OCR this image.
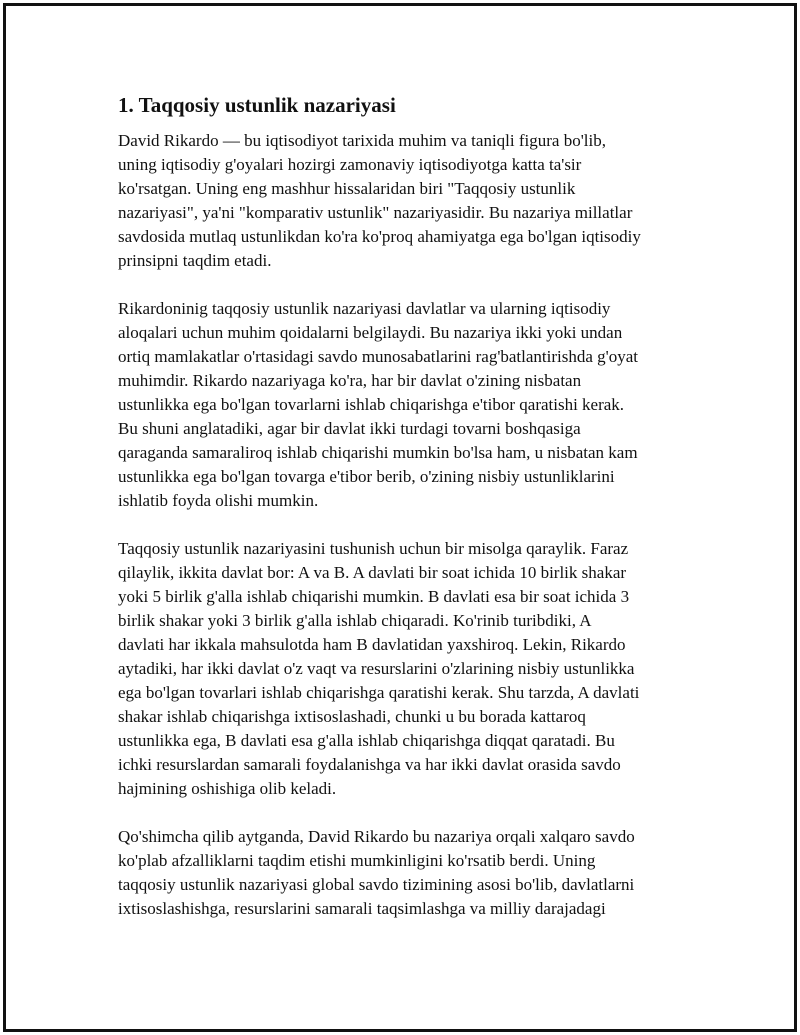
1. Taqqosiy ustunlik nazariyasi

David Rikardo — bu iqtisodiyot tarixida muhim va taniqli figura bo'lib,
uning iqtisodiy g'oyalari hozirgi zamonaviy iqtisodiyotga katta ta'sir
ko'rsatgan. Uning eng mashhur hissalaridan biri "Taqqosiy ustunlik
nazariyasi", ya'ni "komparativ ustunlik" nazariyasidir. Bu nazariya millatlar
savdosida mutlaq ustunlikdan ko'ra ko'proq ahamiyatga ega bo'lgan iqtisodiy
prinsipni taqdim etadi.

Rikardoninig taqqosiy ustunlik nazariyasi davlatlar va ularning iqtisodiy
aloqalari uchun muhim qoidalarni belgilaydi. Bu nazariya ikki yoki undan
ortiq mamlakatlar o'rtasidagi savdo munosabatlarini rag'batlantirishda g'oyat
muhimdir. Rikardo nazariyaga ko'ra, har bir davlat o'zining nisbatan
ustunlikka ega bo'lgan tovarlarni ishlab chiqarishga e'tibor qaratishi kerak.
Bu shuni anglatadiki, agar bir davlat ikki turdagi tovarni boshqasiga
qaraganda samaraliroq ishlab chiqarishi mumkin bo'lsa ham, u nisbatan kam
ustunlikka ega bo'lgan tovarga e'tibor berib, o'zining nisbiy ustunliklarini
ishlatib foyda olishi mumkin.

Taqqosiy ustunlik nazariyasini tushunish uchun bir misolga qaraylik. Faraz
qilaylik, ikkita davlat bor: A va B. A davlati bir soat ichida 10 birlik shakar
yoki 5 birlik g'alla ishlab chiqarishi mumkin. B davlati esa bir soat ichida 3
birlik shakar yoki 3 birlik g'alla ishlab chiqaradi. Ko'rinib turibdiki, A
davlati har ikkala mahsulotda ham B davlatidan yaxshiroq. Lekin, Rikardo
aytadiki, har ikki davlat o'z vaqt va resurslarini o'zlarining nisbiy ustunlikka
ega bo'lgan tovarlari ishlab chiqarishga qaratishi kerak. Shu tarzda, A davlati
shakar ishlab chiqarishga ixtisoslashadi, chunki u bu borada kattaroq
ustunlikka ega, B davlati esa g'alla ishlab chiqarishga diqqat qaratadi. Bu
ichki resurslardan samarali foydalanishga va har ikki davlat orasida savdo
hajmining oshishiga olib keladi.

Qo'shimcha qilib aytganda, David Rikardo bu nazariya orqali xalqaro savdo
ko'plab afzalliklarni taqdim etishi mumkinligini ko'rsatib berdi. Uning
taqqosiy ustunlik nazariyasi global savdo tizimining asosi bo'lib, davlatlarni
ixtisoslashishga, resurslarini samarali taqsimlashga va milliy darajadagi
